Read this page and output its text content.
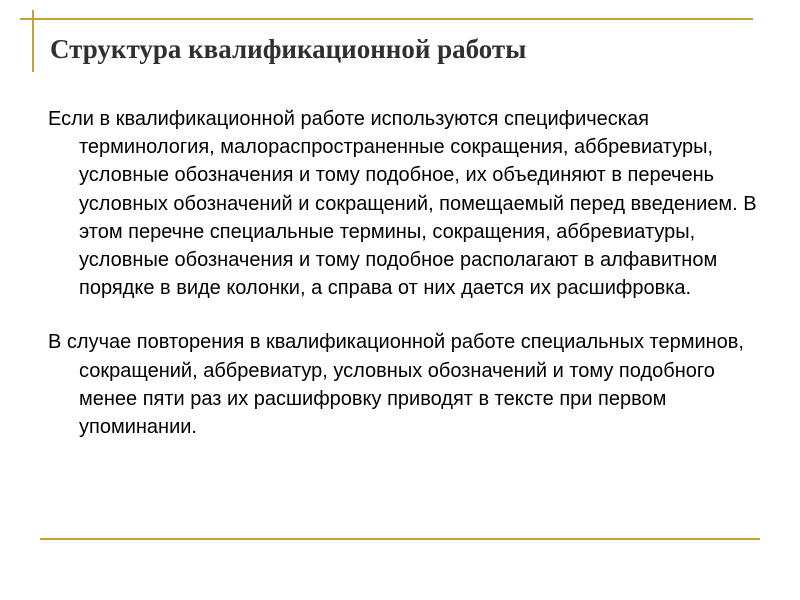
Структура квалификационной работы

Если в квалификационной работе используются специфическая терминология, малораспространенные сокращения, аббревиатуры, условные обозначения и тому подобное, их объединяют в перечень условных обозначений и сокращений, помещаемый перед введением. В этом перечне специальные термины, сокращения, аббревиатуры, условные обозначения и тому подобное располагают в алфавитном порядке в виде колонки, а справа от них дается их расшифровка.

В случае повторения в квалификационной работе специальных терминов, сокращений, аббревиатур, условных обозначений и тому подобного менее пяти раз их расшифровку приводят в тексте при первом упоминании.
